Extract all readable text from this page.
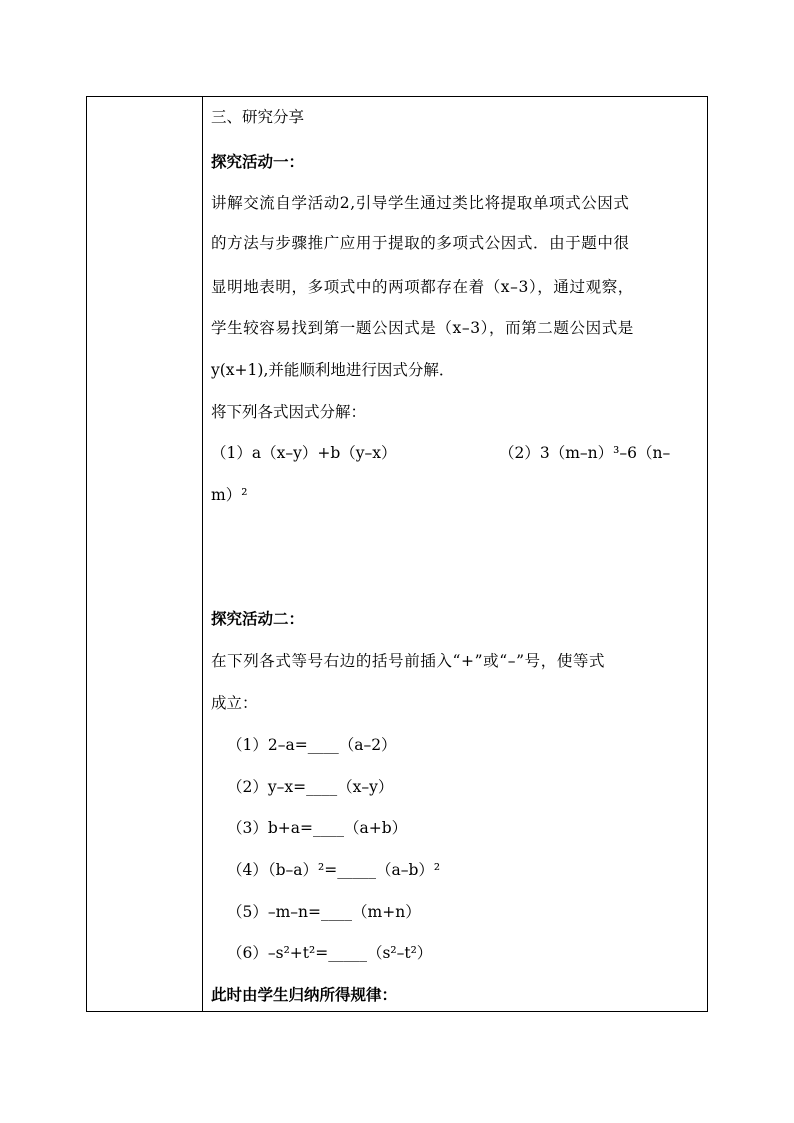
三、研究分享
探究活动一：
讲解交流自学活动2,引导学生通过类比将提取单项式公因式
的方法与步骤推广应用于提取的多项式公因式．由于题中很
显明地表明，多项式中的两项都存在着（x–3），通过观察，
学生较容易找到第一题公因式是（x–3），而第二题公因式是
y(x+1),并能顺利地进行因式分解．
将下列各式因式分解：
（1）a（x–y）+b（y–x）	（2）3（m–n）³–6（n–
m）²
探究活动二：
在下列各式等号右边的括号前插入“+”或“–”号，使等式
成立：
（1）2–a=____（a–2）
（2）y–x=____（x–y）
（3）b+a=____（a+b）
（4）（b–a）²=_____（a–b）²
（5）–m–n=____（m+n）
（6）–s²+t²=_____（s²–t²）
此时由学生归纳所得规律：
